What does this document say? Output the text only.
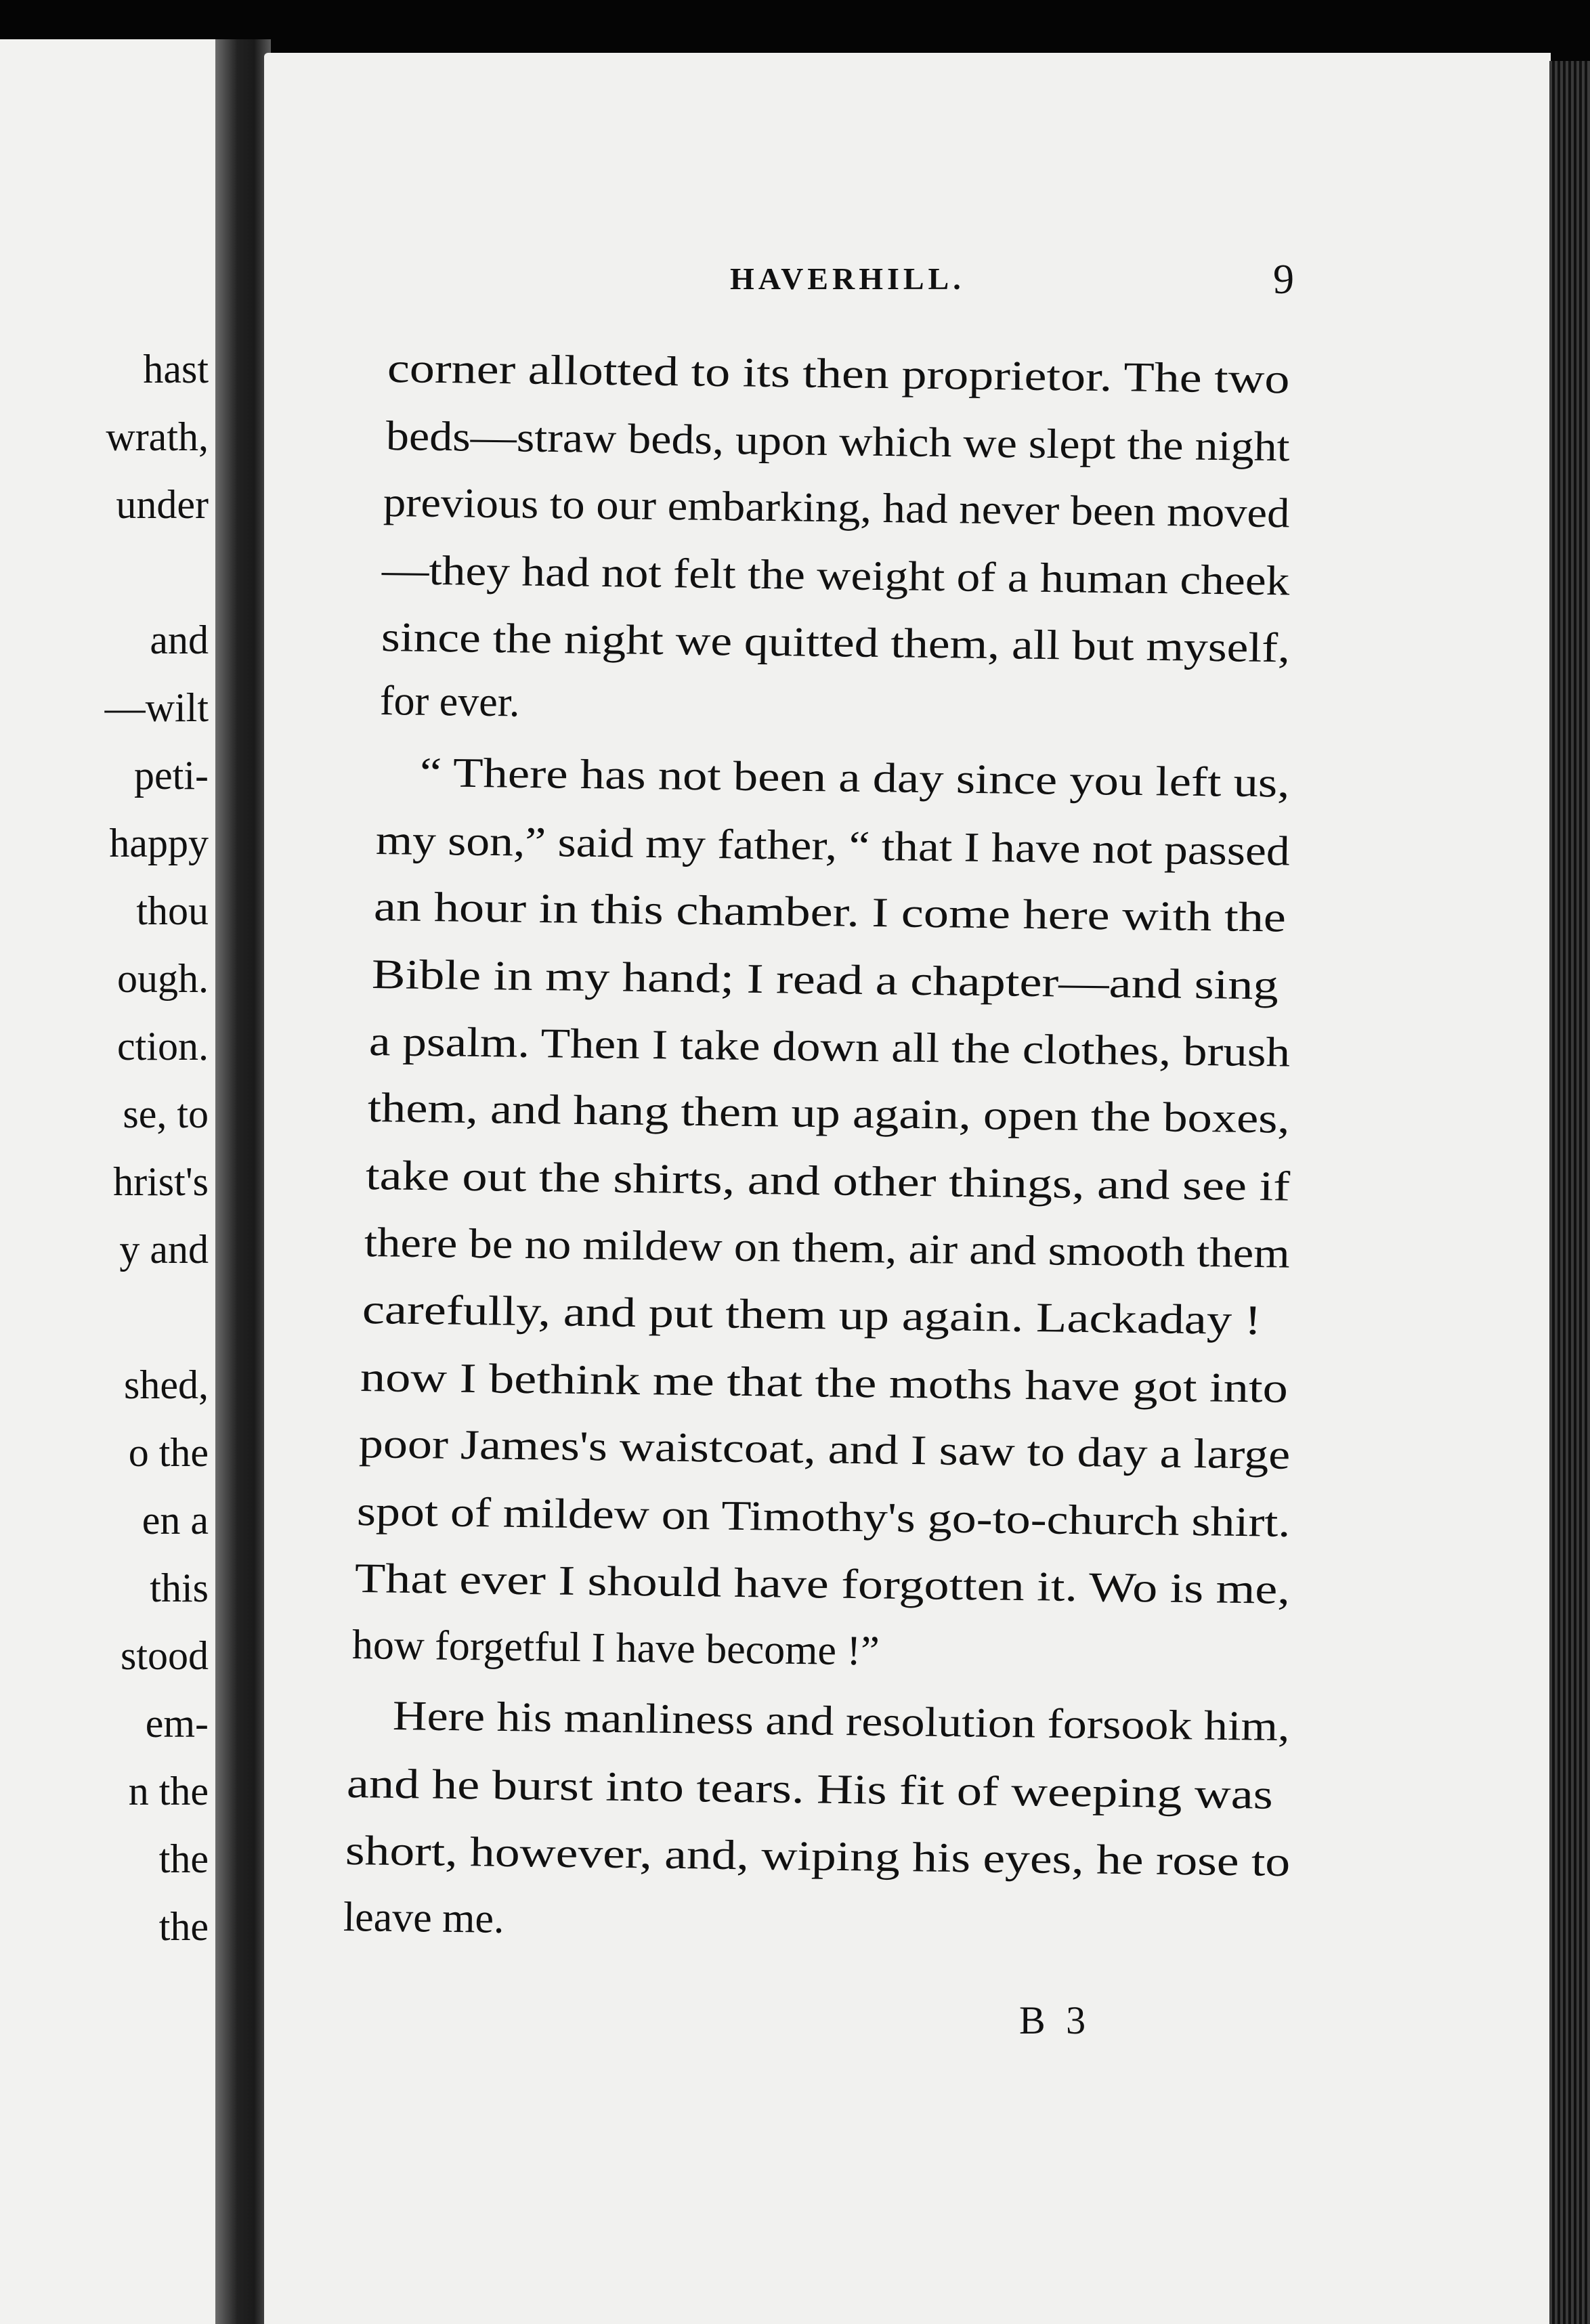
hast
wrath,
under
and
—wilt
peti-
happy
thou
ough.
ction.
se, to
hrist's
y and
shed,
o the
en a
this
stood
em-
n the
the
the
HAVERHILL.	9
corner allotted to its then proprietor. The two
beds—straw beds, upon which we slept the night
previous to our embarking, had never been moved
—they had not felt the weight of a human cheek
since the night we quitted them, all but myself,
for ever.
“ There has not been a day since you left us,
my son,” said my father, “ that I have not passed
an hour in this chamber. I come here with the
Bible in my hand; I read a chapter—and sing
a psalm. Then I take down all the clothes, brush
them, and hang them up again, open the boxes,
take out the shirts, and other things, and see if
there be no mildew on them, air and smooth them
carefully, and put them up again. Lackaday !
now I bethink me that the moths have got into
poor James's waistcoat, and I saw to day a large
spot of mildew on Timothy's go-to-church shirt.
That ever I should have forgotten it. Wo is me,
how forgetful I have become !”
Here his manliness and resolution forsook him,
and he burst into tears. His fit of weeping was
short, however, and, wiping his eyes, he rose to
leave me.
B 3
